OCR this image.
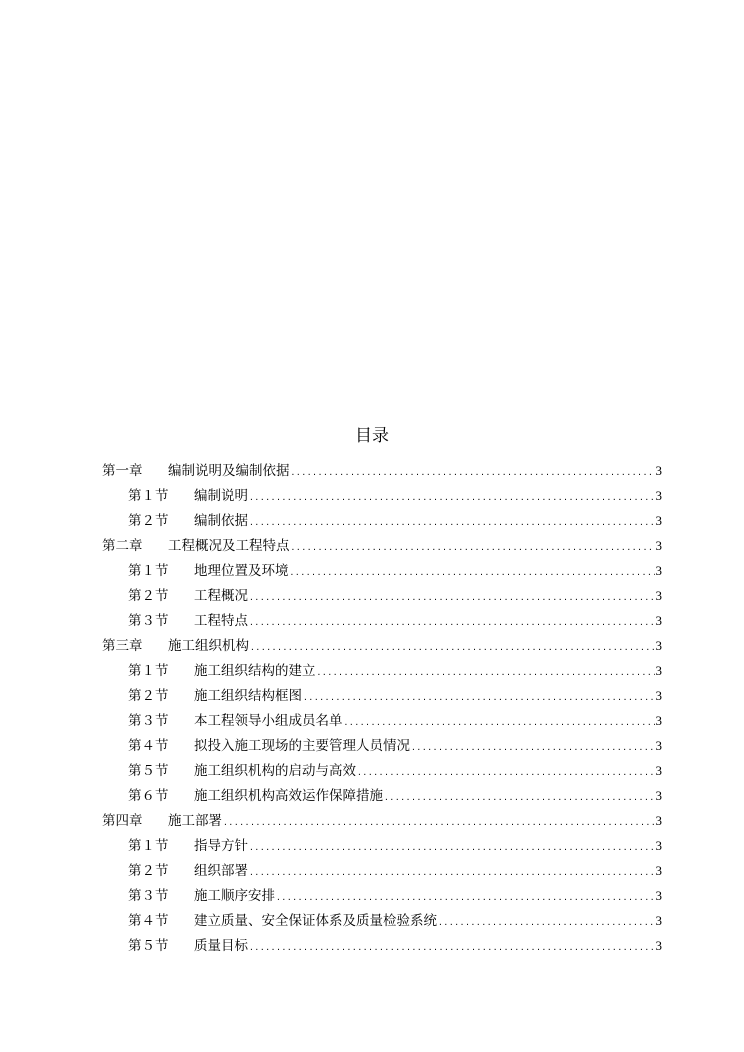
目录
第一章	编制说明及编制依据 .....	3
第１节	编制说明 .....	3
第２节	编制依据 .....	3
第二章	工程概况及工程特点 .....	3
第１节	地理位置及环境 .....	3
第２节	工程概况 .....	3
第３节	工程特点 .....	3
第三章	施工组织机构 .....	3
第１节	施工组织结构的建立 .....	3
第２节	施工组织结构框图 .....	3
第３节	本工程领导小组成员名单 .....	3
第４节	拟投入施工现场的主要管理人员情况 .....	3
第５节	施工组织机构的启动与高效 .....	3
第６节	施工组织机构高效运作保障措施 .....	3
第四章	施工部署 .....	3
第１节	指导方针 .....	3
第２节	组织部署 .....	3
第３节	施工顺序安排 .....	3
第４节	建立质量、安全保证体系及质量检验系统 .....	3
第５节	质量目标 .....	3
